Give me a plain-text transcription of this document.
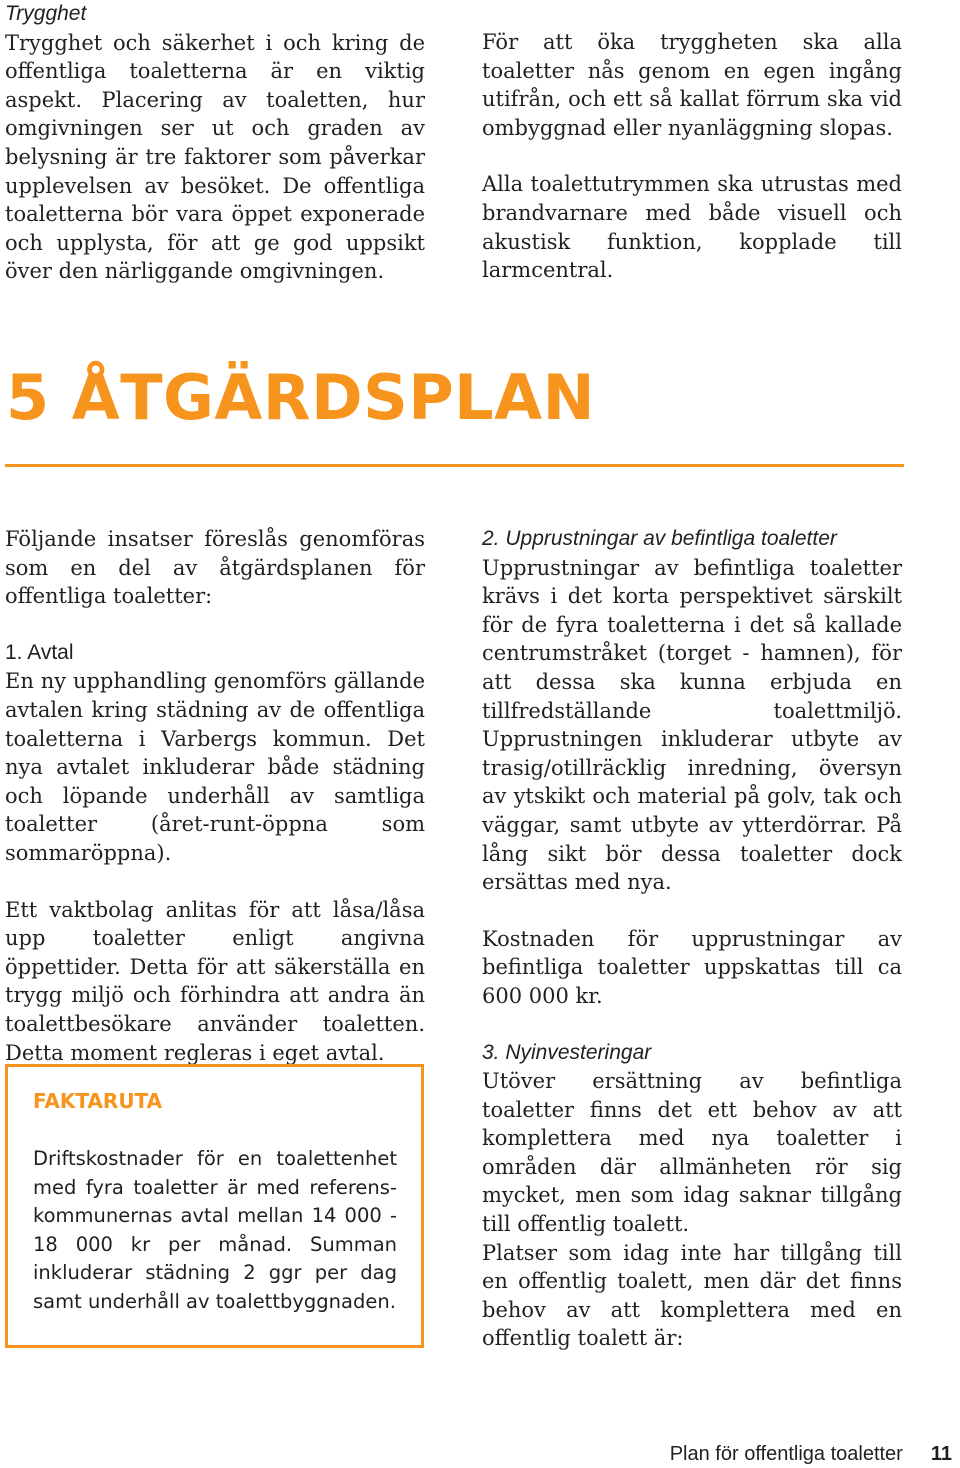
Trygghet

Trygghet och säkerhet i och kring de offentliga toaletterna är en viktig aspekt. Placering av toaletten, hur omgivningen ser ut och graden av belysning är tre faktorer som påverkar upplevelsen av besöket. De offentliga toaletterna bör vara öppet exponerade och upplysta, för att ge god uppsikt över den närliggande omgivningen.

För att öka tryggheten ska alla toaletter nås genom en egen ingång utifrån, och ett så kallat förrum ska vid ombyggnad eller nyanläggning slopas.

Alla toalettutrymmen ska utrustas med brandvarnare med både visuell och akustisk funktion, kopplade till larmcentral.

5 ÅTGÄRDSPLAN

Följande insatser föreslås genomföras som en del av åtgärdsplanen för offentliga toaletter:

1. Avtal

En ny upphandling genomförs gällande avtalen kring städning av de offentliga toaletterna i Varbergs kommun. Det nya avtalet inkluderar både städning och löpande underhåll av samtliga toaletter (året-runt-öppna som sommaröppna).

Ett vaktbolag anlitas för att låsa/låsa upp toaletter enligt angivna öppettider. Detta för att säkerställa en trygg miljö och förhindra att andra än toalettbesökare använder toaletten. Detta moment regleras i eget avtal.

FAKTARUTA

Driftskostnader för en toalettenhet med fyra toaletter är med referens-kommunernas avtal mellan 14 000 - 18 000 kr per månad. Summan inkluderar städning 2 ggr per dag samt underhåll av toalettbyggnaden.

2. Upprustningar av befintliga toaletter

Upprustningar av befintliga toaletter krävs i det korta perspektivet särskilt för de fyra toaletterna i det så kallade centrumstråket (torget - hamnen), för att dessa ska kunna erbjuda en tillfredställande toalettmiljö. Upprustningen inkluderar utbyte av trasig/otillräcklig inredning, översyn av ytskikt och material på golv, tak och väggar, samt utbyte av ytterdörrar. På lång sikt bör dessa toaletter dock ersättas med nya.

Kostnaden för upprustningar av befintliga toaletter uppskattas till ca 600 000 kr.

3. Nyinvesteringar

Utöver ersättning av befintliga toaletter finns det ett behov av att komplettera med nya toaletter i områden där allmänheten rör sig mycket, men som idag saknar tillgång till offentlig toalett.

Platser som idag inte har tillgång till en offentlig toalett, men där det finns behov av att komplettera med en offentlig toalett är:

Plan för offentliga toaletter 11
